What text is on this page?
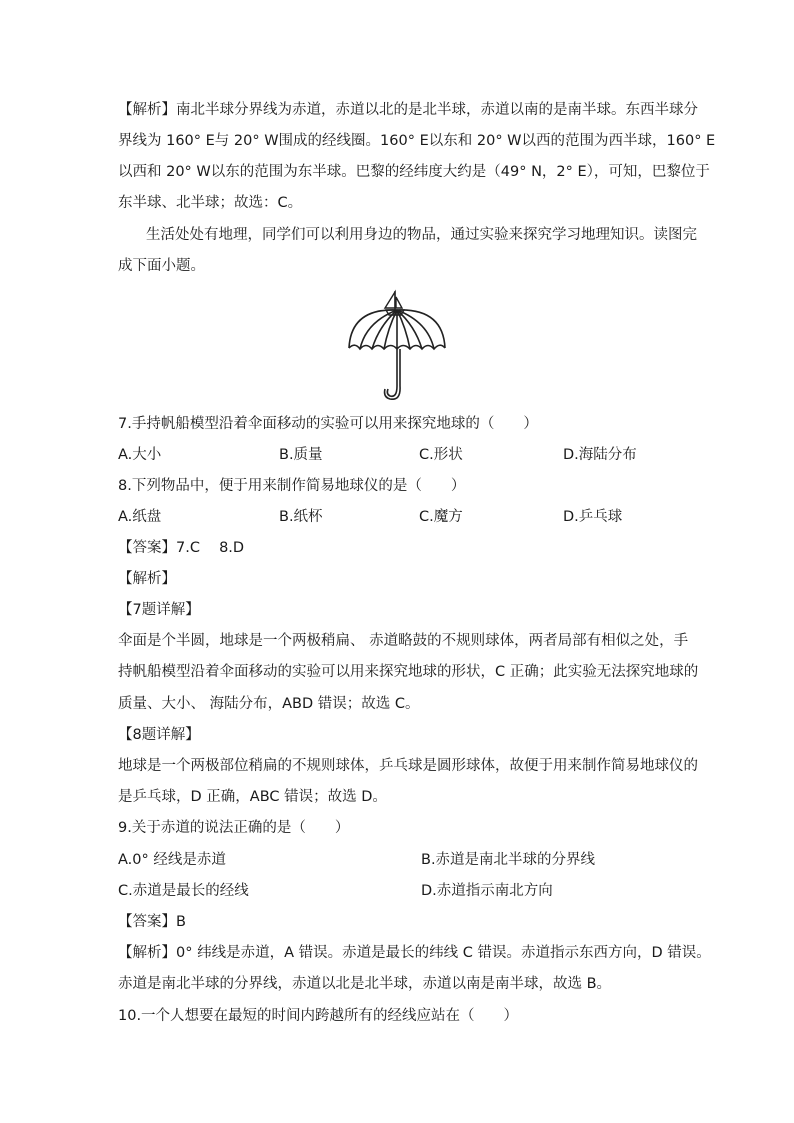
【解析】南北半球分界线为赤道，赤道以北的是北半球，赤道以南的是南半球。东西半球分
界线为 160° E与 20° W围成的经线圈。160° E以东和 20° W以西的范围为西半球，160° E
以西和 20° W以东的范围为东半球。巴黎的经纬度大约是（49° N，2° E），可知，巴黎位于
东半球、北半球；故选：C。
生活处处有地理，同学们可以利用身边的物品，通过实验来探究学习地理知识。读图完
成下面小题。
7.手持帆船模型沿着伞面移动的实验可以用来探究地球的（　　）
A.大小	B.质量	C.形状	D.海陆分布
8.下列物品中，便于用来制作简易地球仪的是（　　）
A.纸盘	B.纸杯	C.魔方	D.乒乓球
【答案】7.C　 8.D
【解析】
【7题详解】
伞面是个半圆，地球是一个两极稍扁、 赤道略鼓的不规则球体，两者局部有相似之处，手
持帆船模型沿着伞面移动的实验可以用来探究地球的形状，C 正确；此实验无法探究地球的
质量、大小、 海陆分布，ABD 错误；故选 C。
【8题详解】
地球是一个两极部位稍扁的不规则球体，乒乓球是圆形球体，故便于用来制作简易地球仪的
是乒乓球，D 正确，ABC 错误；故选 D。
9.关于赤道的说法正确的是（　　）
A.0° 经线是赤道	B.赤道是南北半球的分界线
C.赤道是最长的经线	D.赤道指示南北方向
【答案】B
【解析】0° 纬线是赤道，A 错误。赤道是最长的纬线 C 错误。赤道指示东西方向，D 错误。
赤道是南北半球的分界线，赤道以北是北半球，赤道以南是南半球，故选 B。
10.一个人想要在最短的时间内跨越所有的经线应站在（　　）
